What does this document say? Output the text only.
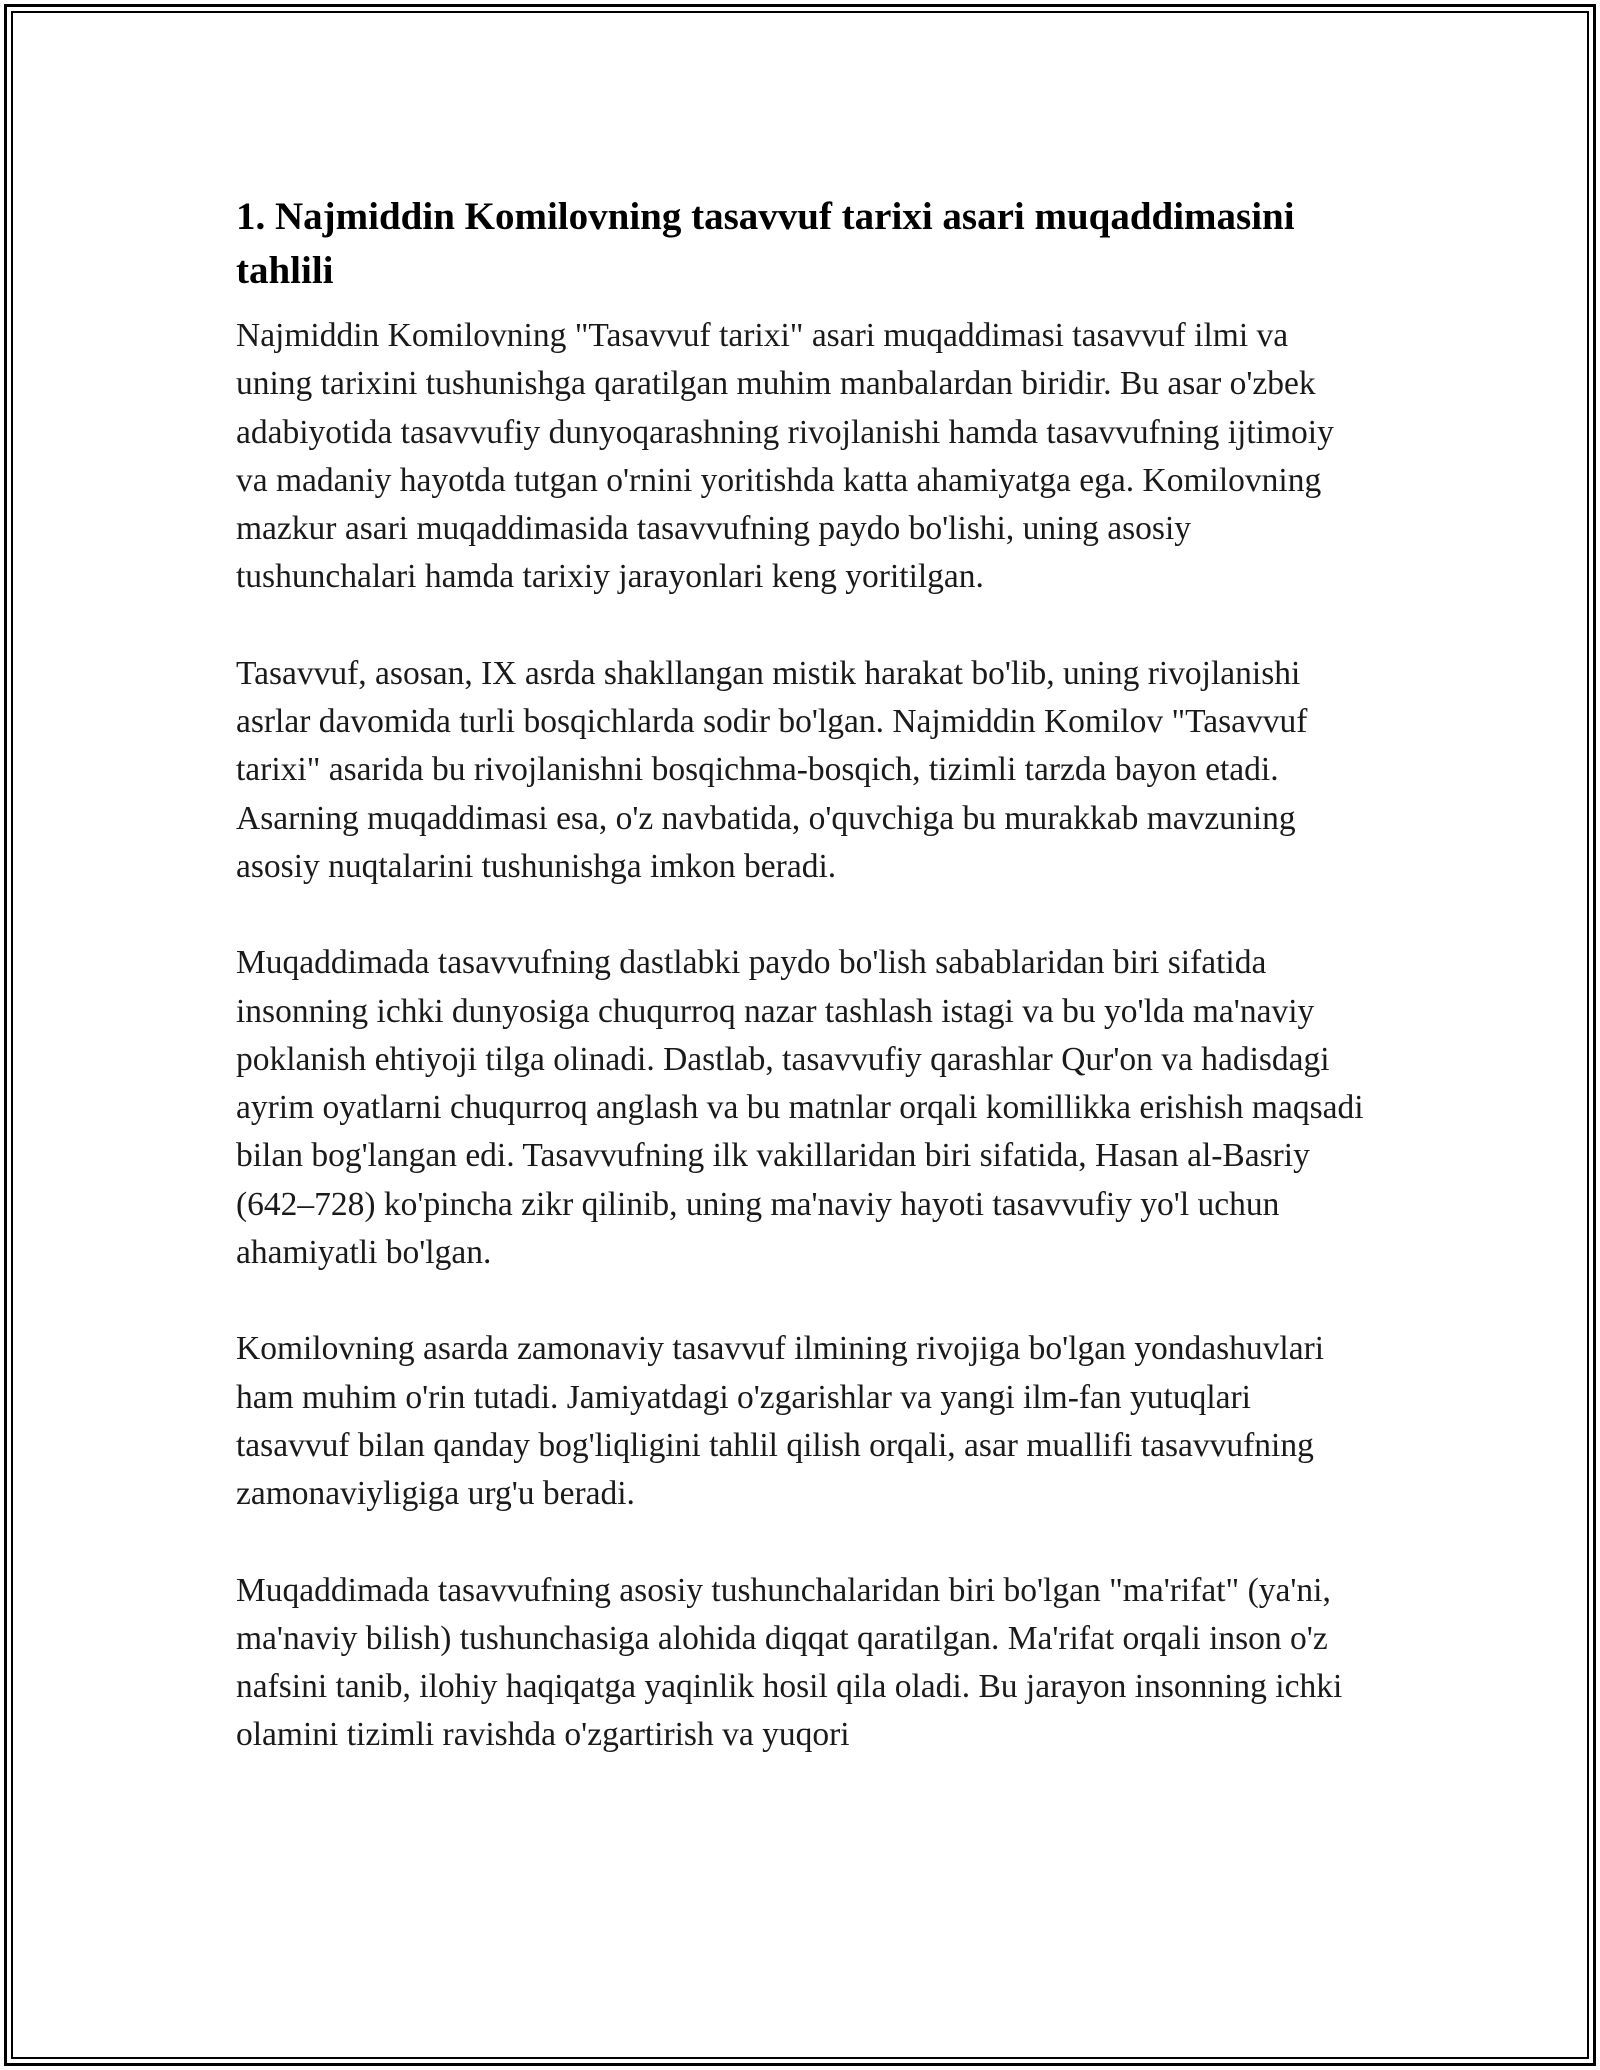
1. Najmiddin Komilovning tasavvuf tarixi asari muqaddimasini tahlili

Najmiddin Komilovning "Tasavvuf tarixi" asari muqaddimasi tasavvuf ilmi va uning tarixini tushunishga qaratilgan muhim manbalardan biridir. Bu asar o'zbek adabiyotida tasavvufiy dunyoqarashning rivojlanishi hamda tasavvufning ijtimoiy va madaniy hayotda tutgan o'rnini yoritishda katta ahamiyatga ega. Komilovning mazkur asari muqaddimasida tasavvufning paydo bo'lishi, uning asosiy tushunchalari hamda tarixiy jarayonlari keng yoritilgan.

Tasavvuf, asosan, IX asrda shakllangan mistik harakat bo'lib, uning rivojlanishi asrlar davomida turli bosqichlarda sodir bo'lgan. Najmiddin Komilov "Tasavvuf tarixi" asarida bu rivojlanishni bosqichma-bosqich, tizimli tarzda bayon etadi. Asarning muqaddimasi esa, o'z navbatida, o'quvchiga bu murakkab mavzuning asosiy nuqtalarini tushunishga imkon beradi.

Muqaddimada tasavvufning dastlabki paydo bo'lish sabablaridan biri sifatida insonning ichki dunyosiga chuqurroq nazar tashlash istagi va bu yo'lda ma'naviy poklanish ehtiyoji tilga olinadi. Dastlab, tasavvufiy qarashlar Qur'on va hadisdagi ayrim oyatlarni chuqurroq anglash va bu matnlar orqali komillikka erishish maqsadi bilan bog'langan edi. Tasavvufning ilk vakillaridan biri sifatida, Hasan al-Basriy (642–728) ko'pincha zikr qilinib, uning ma'naviy hayoti tasavvufiy yo'l uchun ahamiyatli bo'lgan.

Komilovning asarda zamonaviy tasavvuf ilmining rivojiga bo'lgan yondashuvlari ham muhim o'rin tutadi. Jamiyatdagi o'zgarishlar va yangi ilm-fan yutuqlari tasavvuf bilan qanday bog'liqligini tahlil qilish orqali, asar muallifi tasavvufning zamonaviyligiga urg'u beradi.

Muqaddimada tasavvufning asosiy tushunchalaridan biri bo'lgan "ma'rifat" (ya'ni, ma'naviy bilish) tushunchasiga alohida diqqat qaratilgan. Ma'rifat orqali inson o'z nafsini tanib, ilohiy haqiqatga yaqinlik hosil qila oladi. Bu jarayon insonning ichki olamini tizimli ravishda o'zgartirish va yuqori
